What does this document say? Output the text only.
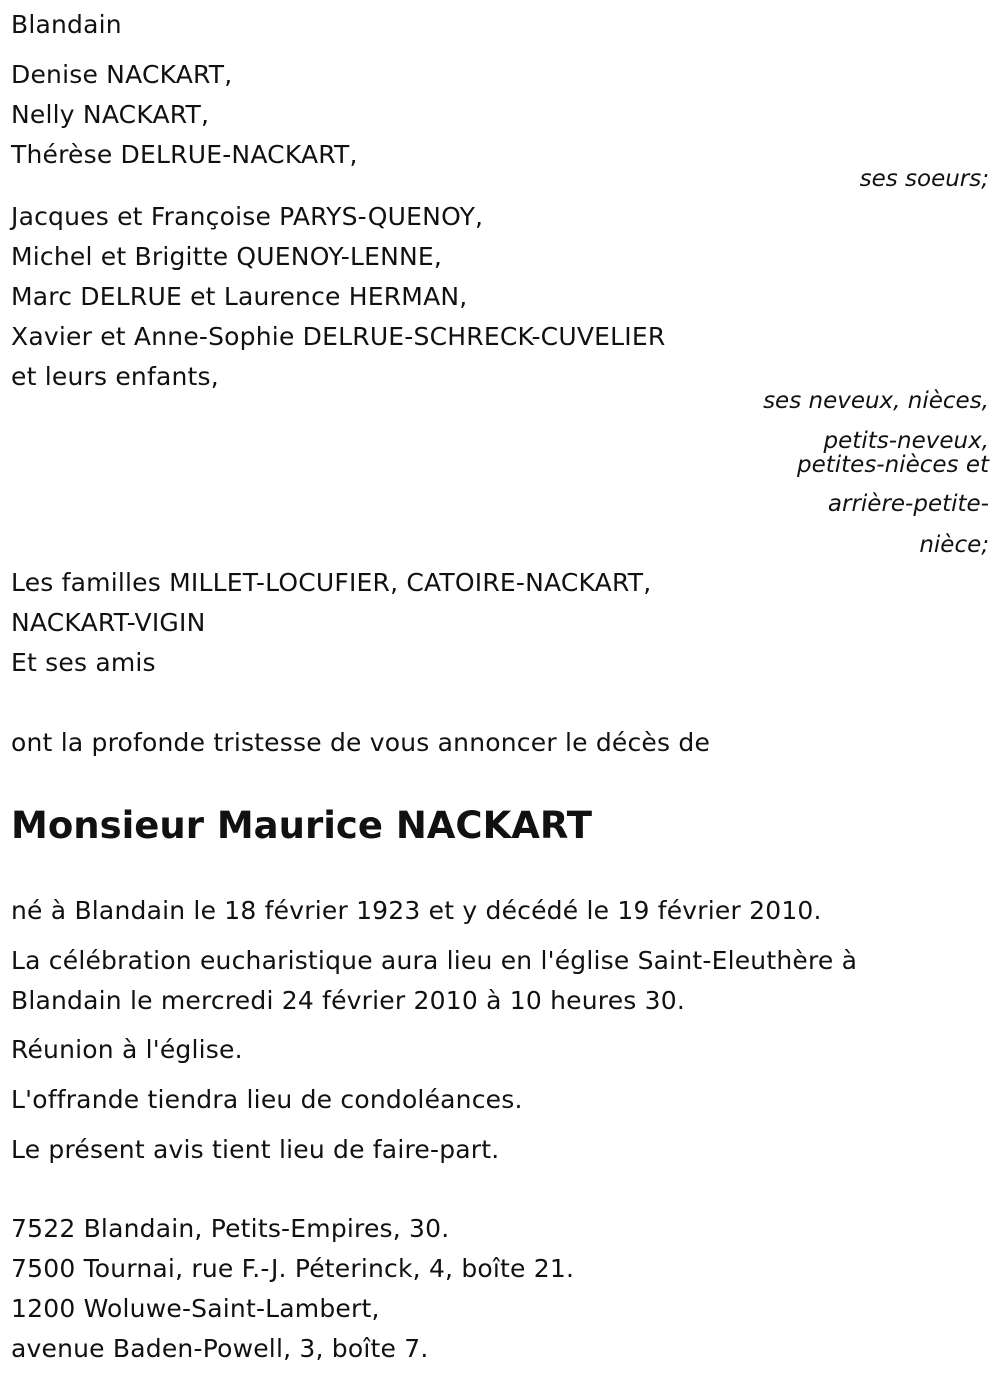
Blandain
Denise NACKART,
Nelly NACKART,
Thérèse DELRUE-NACKART,
ses soeurs;
Jacques et Françoise PARYS-QUENOY,
Michel et Brigitte QUENOY-LENNE,
Marc DELRUE et Laurence HERMAN,
Xavier et Anne-Sophie DELRUE-SCHRECK-CUVELIER
et leurs enfants,
ses neveux, nièces,
petits-neveux,
petites-nièces et
arrière-petite-
nièce;
Les familles MILLET-LOCUFIER, CATOIRE-NACKART,
NACKART-VIGIN
Et ses amis
ont la profonde tristesse de vous annoncer le décès de
Monsieur Maurice NACKART
né à Blandain le 18 février 1923 et y décédé le 19 février 2010.
La célébration eucharistique aura lieu en l'église Saint-Eleuthère à
Blandain le mercredi 24 février 2010 à 10 heures 30.
Réunion à l'église.
L'offrande tiendra lieu de condoléances.
Le présent avis tient lieu de faire-part.
7522 Blandain, Petits-Empires, 30.
7500 Tournai, rue F.-J. Péterinck, 4, boîte 21.
1200 Woluwe-Saint-Lambert,
avenue Baden-Powell, 3, boîte 7.
